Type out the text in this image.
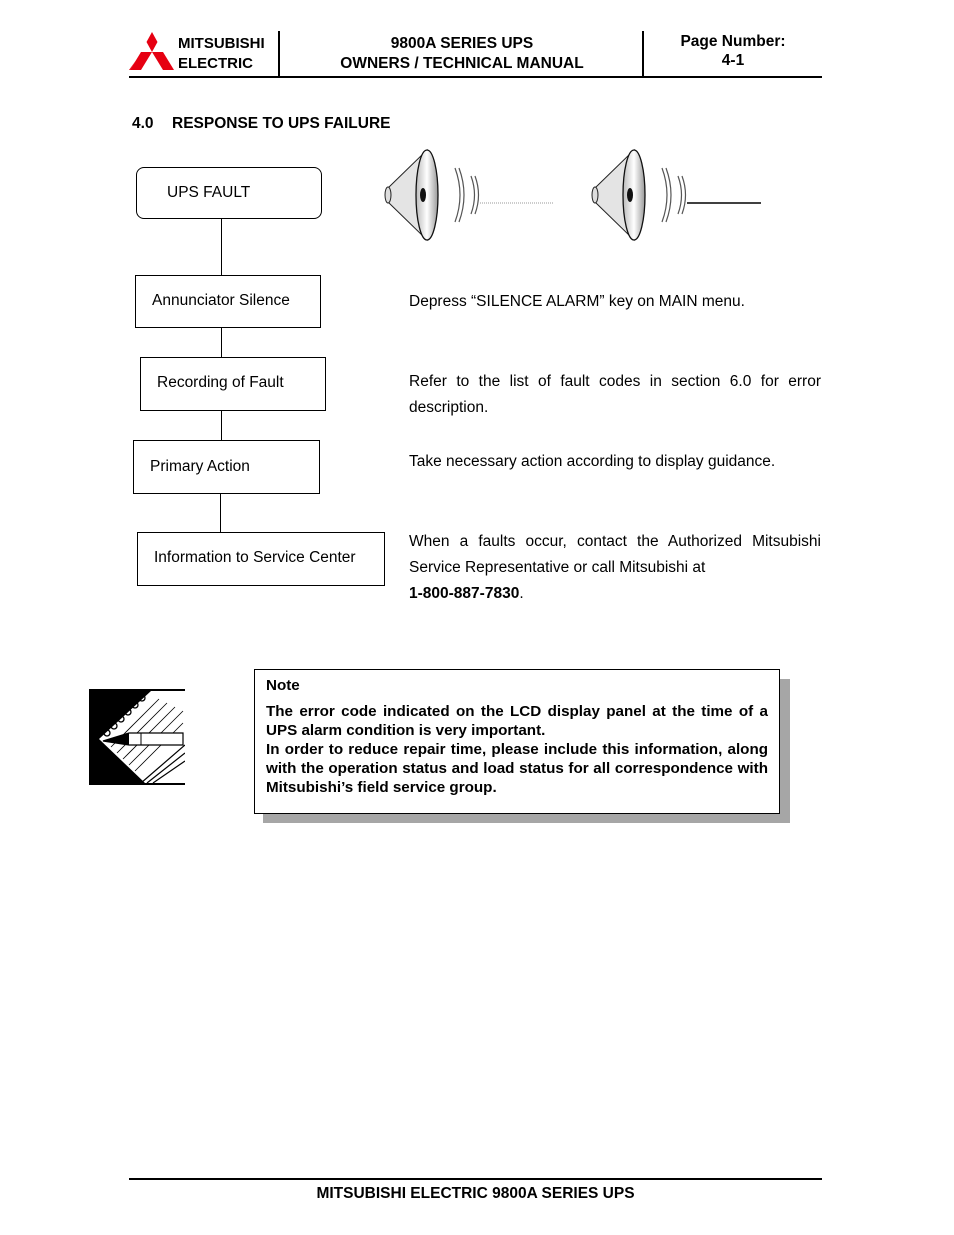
MITSUBISHI
ELECTRIC
9800A SERIES UPS
OWNERS / TECHNICAL MANUAL
Page Number:
4-1
4.0 RESPONSE TO UPS FAILURE
UPS FAULT
Annunciator Silence
Recording of Fault
Primary Action
Information to Service Center
Depress “SILENCE ALARM” key on MAIN menu.
Refer to the list of fault codes in section 6.0 for error description.
Take necessary action according to display guidance.
When a faults occur, contact the Authorized Mitsubishi Service Representative or call Mitsubishi at
1-800-887-7830.

Note

The error code indicated on the LCD display panel at the time of a UPS alarm condition is very important.

In order to reduce repair time, please include this information, along with the operation status and load status for all correspondence with Mitsubishi’s field service group.

MITSUBISHI ELECTRIC 9800A SERIES UPS
